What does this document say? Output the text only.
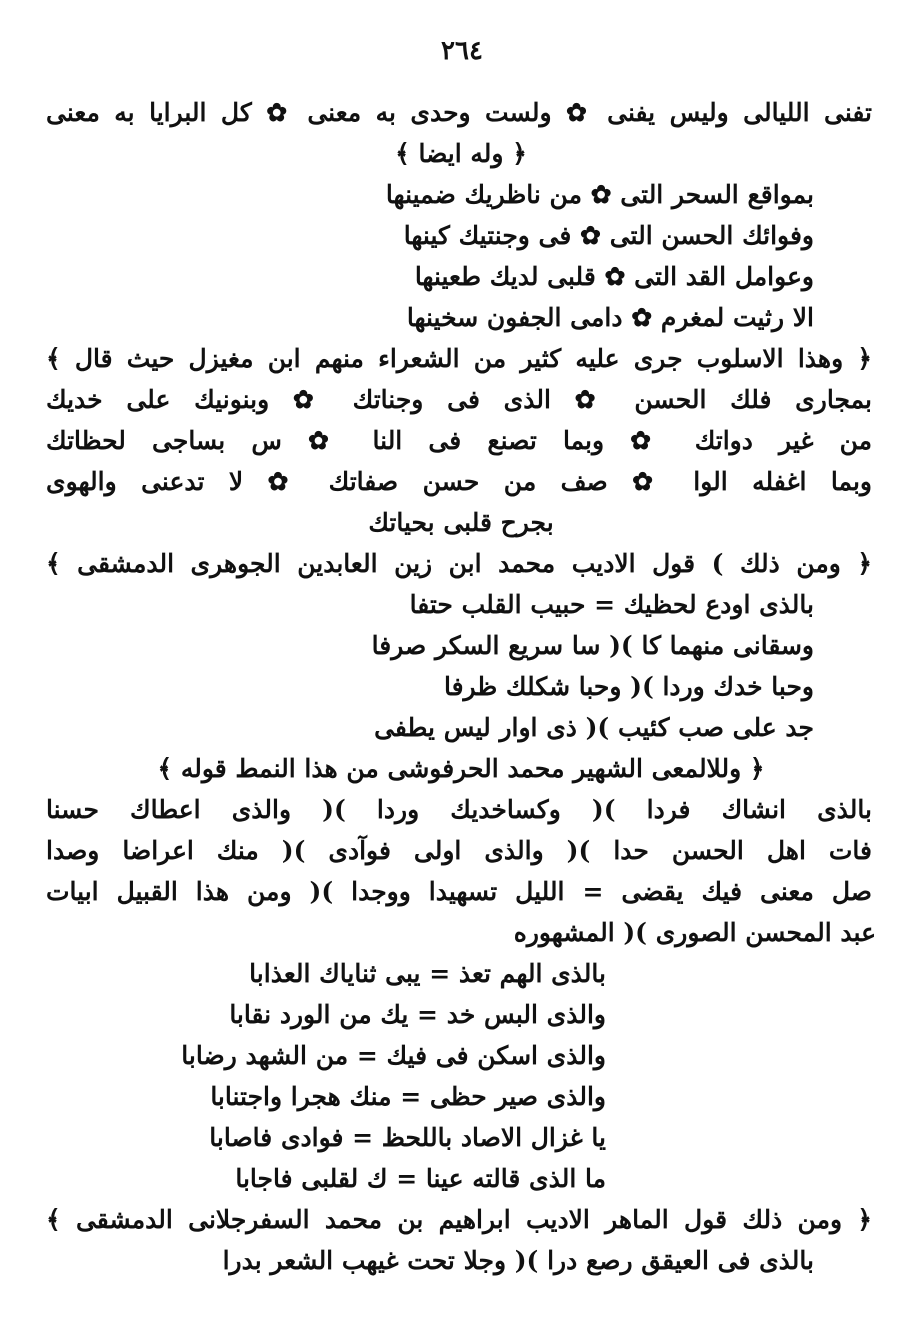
٢٦٤
تفنى الليالى وليس يفنى ✿ ولست وحدى به معنى ✿ كل البرايا به معنى
﴿ وله ايضا ﴾
بمواقع السحر التى ✿ من ناظريك ضمينها
وفوائك الحسن التى ✿ فى وجنتيك كينها
وعوامل القد التى ✿ قلبى لديك طعينها
الا رثيت لمغرم ✿ دامى الجفون سخينها
﴿ وهذا الاسلوب جرى عليه كثير من الشعراء منهم ابن مغيزل حيث قال ﴾
بمجارى فلك الحسن ✿ الذى فى وجناتك ✿ وبنونيك على خديك
من غير دواتك ✿ وبما تصنع فى النا ✿ س بساجى لحظاتك
وبما اغفله الوا ✿ صف من حسن صفاتك ✿ لا تدعنى والهوى
بجرح قلبى بحياتك
﴿ ومن ذلك ) قول الاديب محمد ابن زين العابدين الجوهرى الدمشقى ﴾
بالذى اودع لحظيك = حبيب القلب حتفا
وسقانى منهما كا )( سا سريع السكر صرفا
وحبا خدك وردا )( وحبا شكلك ظرفا
جد على صب كئيب )( ذى اوار ليس يطفى
﴿ وللالمعى الشهير محمد الحرفوشى من هذا النمط قوله ﴾
بالذى انشاك فردا )( وكساخديك وردا )( والذى اعطاك حسنا
فات اهل الحسن حدا )( والذى اولى فوآدى )( منك اعراضا وصدا
صل معنى فيك يقضى = الليل تسهيدا ووجدا )( ومن هذا القبيل ابيات
عبد المحسن الصورى )( المشهوره
بالذى الهم تعذ = يبى ثناياك العذابا
والذى البس خد = يك من الورد نقابا
والذى اسكن فى فيك = من الشهد رضابا
والذى صير حظى = منك هجرا واجتنابا
يا غزال الاصاد باللحظ = فوادى فاصابا
ما الذى قالته عينا = ك لقلبى فاجابا
﴿ ومن ذلك قول الماهر الاديب ابراهيم بن محمد السفرجلانى الدمشقى ﴾
بالذى فى العيقق رصع درا )( وجلا تحت غيهب الشعر بدرا
